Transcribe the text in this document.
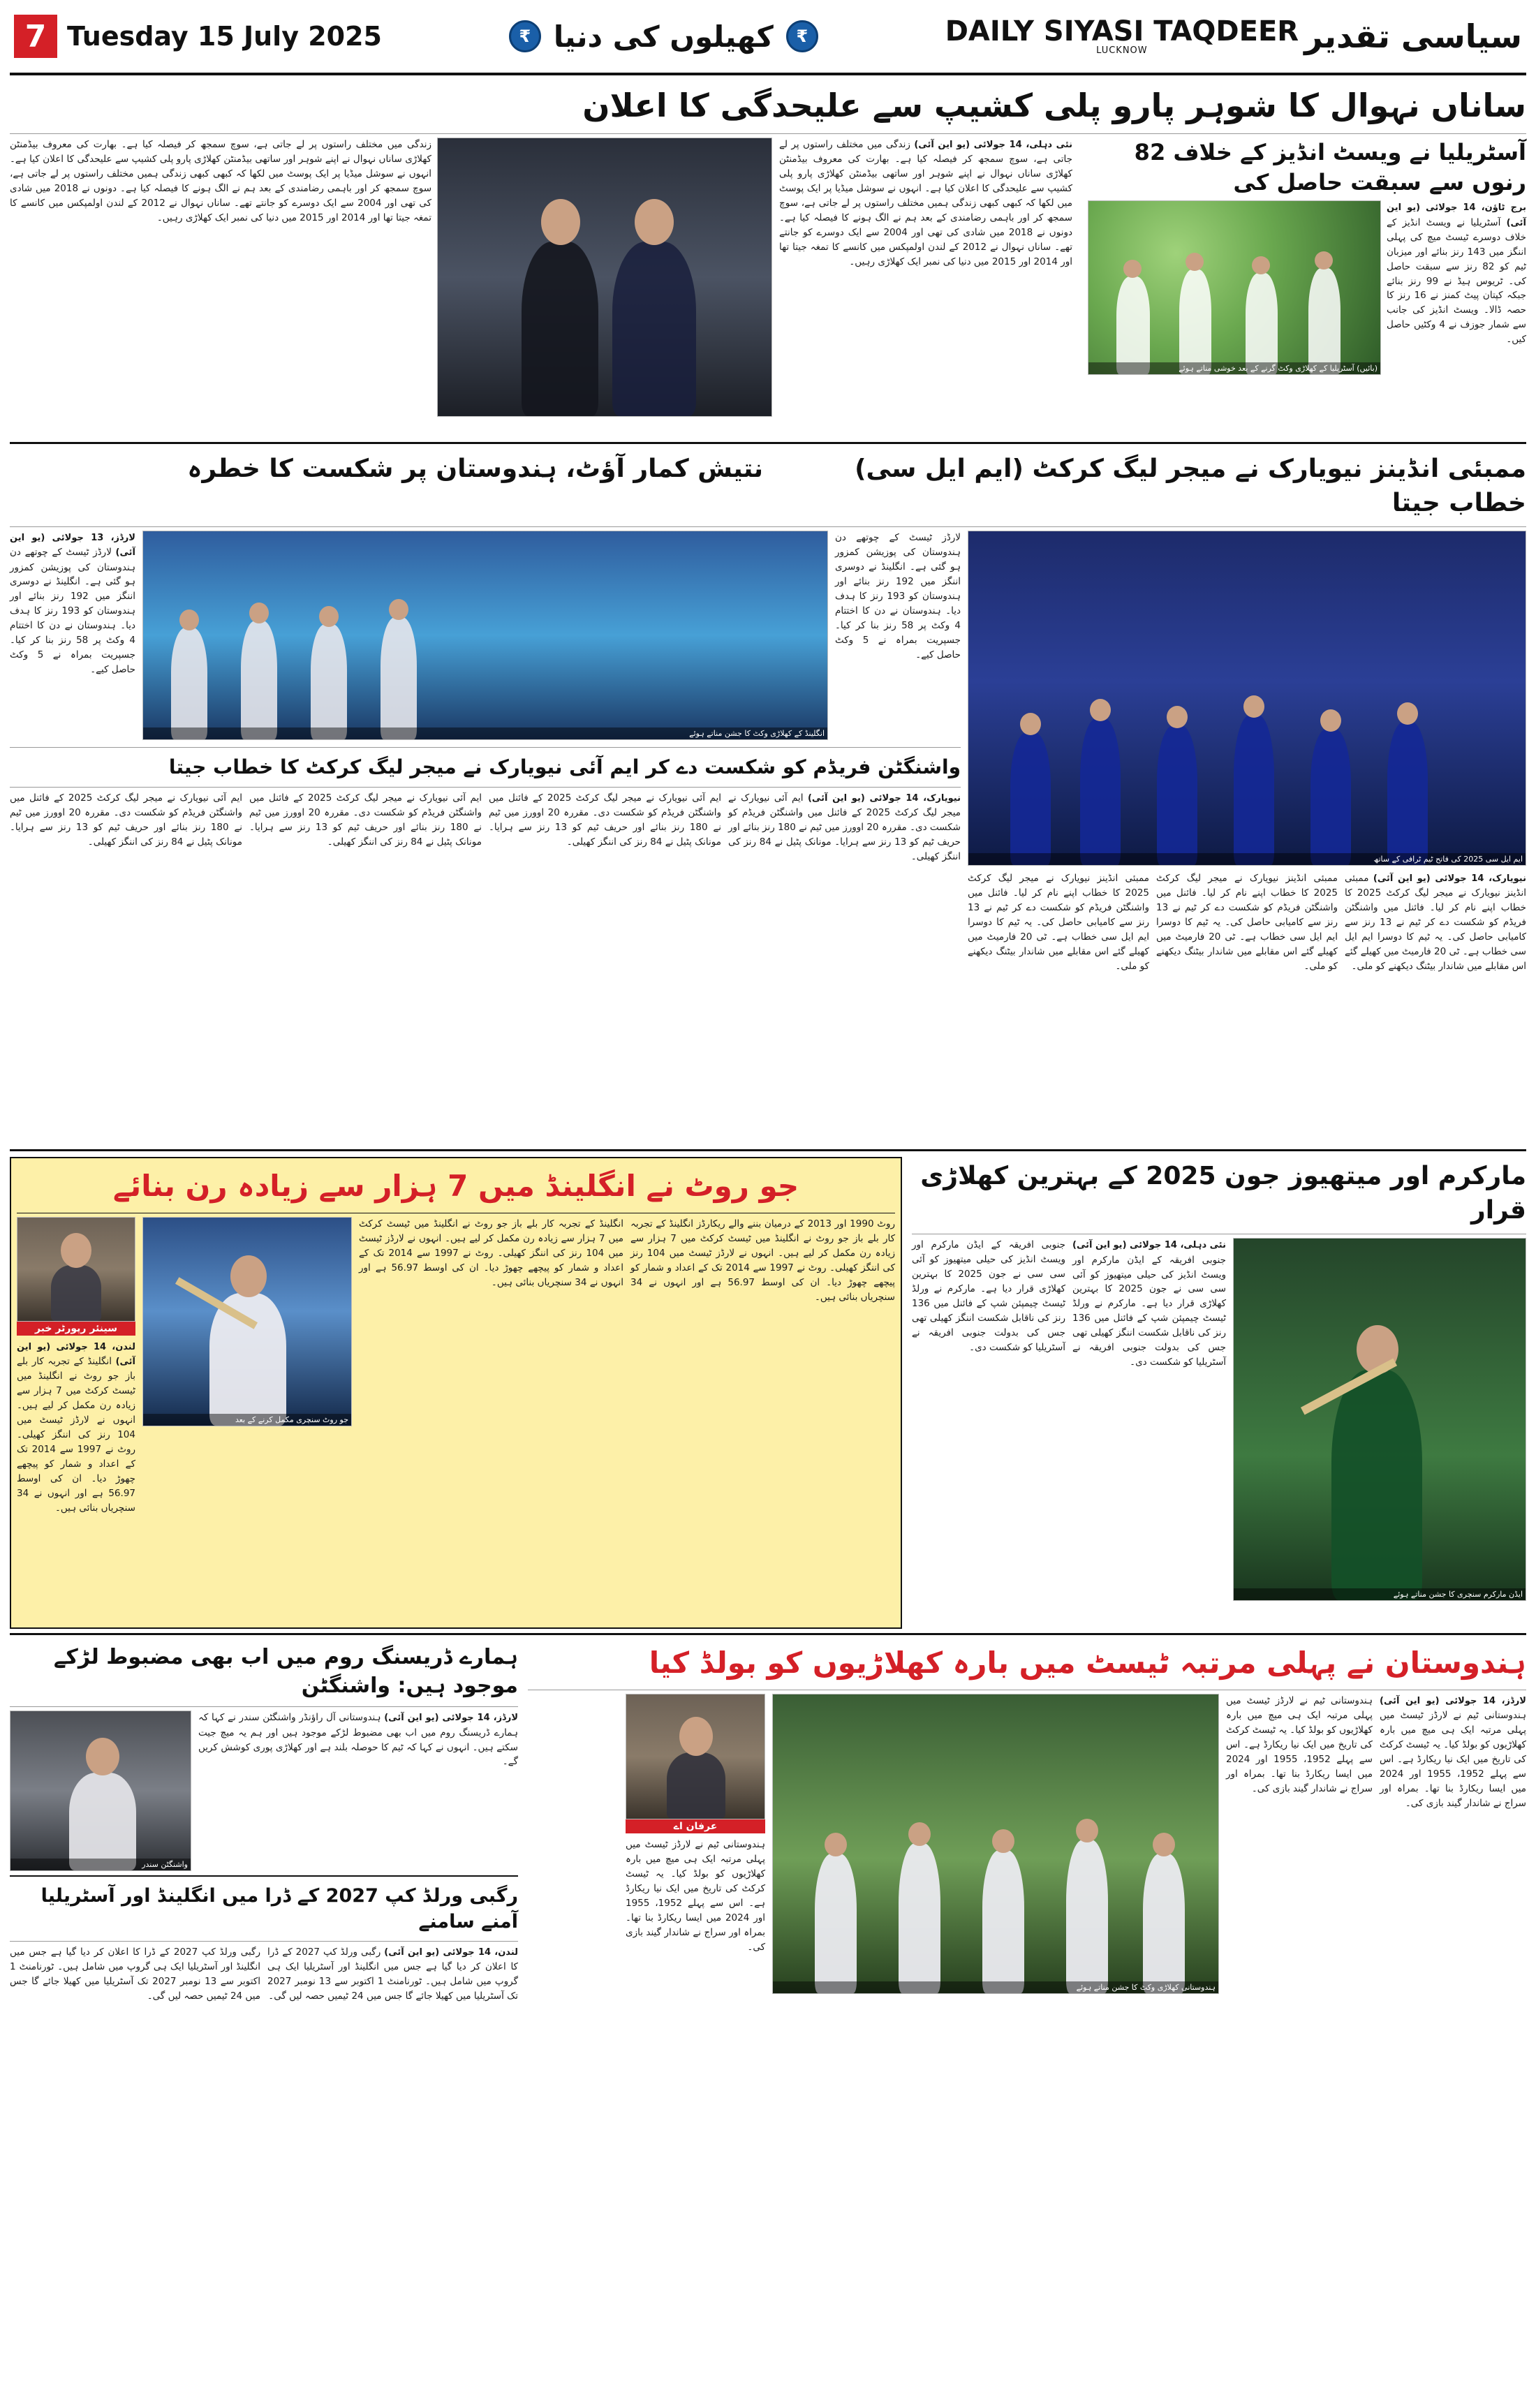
سیاسی تقدیر
DAILY SIYASI TAQDEER
LUCKNOW
₹
کھیلوں کی دنیا
₹
Tuesday 15 July 2025
7
ساناں نہوال کا شوہر پارو پلی کشیپ سے علیحدگی کا اعلان
آسٹریلیا نے ویسٹ انڈیز کے خلاف 82 رنوں سے سبقت حاصل کی
برج ٹاؤن، 14 جولائی (یو این آئی) آسٹریلیا نے ویسٹ انڈیز کے خلاف دوسرے ٹیسٹ میچ کی پہلی اننگز میں 143 رنز بنائے اور میزبان ٹیم کو 82 رنز سے سبقت حاصل کی۔ ٹریوس ہیڈ نے 99 رنز بنائے جبکہ کپتان پیٹ کمنز نے 16 رنز کا حصہ ڈالا۔ ویسٹ انڈیز کی جانب سے شمار جوزف نے 4 وکٹیں حاصل کیں۔
(بائیں) آسٹریلیا کے کھلاڑی وکٹ گرنے کے بعد خوشی مناتے ہوئے
نئی دہلی، 14 جولائی (یو این آئی) زندگی میں مختلف راستوں پر لے جاتی ہے، سوچ سمجھ کر فیصلہ کیا ہے۔ بھارت کی معروف بیڈمنٹن کھلاڑی ساناں نہوال نے اپنے شوہر اور ساتھی بیڈمنٹن کھلاڑی پارو پلی کشیپ سے علیحدگی کا اعلان کیا ہے۔ انہوں نے سوشل میڈیا پر ایک پوسٹ میں لکھا کہ کبھی کبھی زندگی ہمیں مختلف راستوں پر لے جاتی ہے، سوچ سمجھ کر اور باہمی رضامندی کے بعد ہم نے الگ ہونے کا فیصلہ کیا ہے۔ دونوں نے 2018 میں شادی کی تھی اور 2004 سے ایک دوسرے کو جانتے تھے۔ ساناں نہوال نے 2012 کے لندن اولمپکس میں کانسے کا تمغہ جیتا تھا اور 2014 اور 2015 میں دنیا کی نمبر ایک کھلاڑی رہیں۔
زندگی میں مختلف راستوں پر لے جاتی ہے، سوچ سمجھ کر فیصلہ کیا ہے۔ بھارت کی معروف بیڈمنٹن کھلاڑی ساناں نہوال نے اپنے شوہر اور ساتھی بیڈمنٹن کھلاڑی پارو پلی کشیپ سے علیحدگی کا اعلان کیا ہے۔ انہوں نے سوشل میڈیا پر ایک پوسٹ میں لکھا کہ کبھی کبھی زندگی ہمیں مختلف راستوں پر لے جاتی ہے، سوچ سمجھ کر اور باہمی رضامندی کے بعد ہم نے الگ ہونے کا فیصلہ کیا ہے۔ دونوں نے 2018 میں شادی کی تھی اور 2004 سے ایک دوسرے کو جانتے تھے۔ ساناں نہوال نے 2012 کے لندن اولمپکس میں کانسے کا تمغہ جیتا تھا اور 2014 اور 2015 میں دنیا کی نمبر ایک کھلاڑی رہیں۔
ممبئی انڈینز نیویارک نے میجر لیگ کرکٹ (ایم ایل سی) خطاب جیتا
نتیش کمار آؤٹ، ہندوستان پر شکست کا خطرہ
ایم ایل سی 2025 کی فاتح ٹیم ٹرافی کے ساتھ
نیویارک، 14 جولائی (یو این آئی) ممبئی انڈینز نیویارک نے میجر لیگ کرکٹ 2025 کا خطاب اپنے نام کر لیا۔ فائنل میں واشنگٹن فریڈم کو شکست دے کر ٹیم نے 13 رنز سے کامیابی حاصل کی۔ یہ ٹیم کا دوسرا ایم ایل سی خطاب ہے۔ ٹی 20 فارمیٹ میں کھیلے گئے اس مقابلے میں شاندار بیٹنگ دیکھنے کو ملی۔
ممبئی انڈینز نیویارک نے میجر لیگ کرکٹ 2025 کا خطاب اپنے نام کر لیا۔ فائنل میں واشنگٹن فریڈم کو شکست دے کر ٹیم نے 13 رنز سے کامیابی حاصل کی۔ یہ ٹیم کا دوسرا ایم ایل سی خطاب ہے۔ ٹی 20 فارمیٹ میں کھیلے گئے اس مقابلے میں شاندار بیٹنگ دیکھنے کو ملی۔
ممبئی انڈینز نیویارک نے میجر لیگ کرکٹ 2025 کا خطاب اپنے نام کر لیا۔ فائنل میں واشنگٹن فریڈم کو شکست دے کر ٹیم نے 13 رنز سے کامیابی حاصل کی۔ یہ ٹیم کا دوسرا ایم ایل سی خطاب ہے۔ ٹی 20 فارمیٹ میں کھیلے گئے اس مقابلے میں شاندار بیٹنگ دیکھنے کو ملی۔
لارڈز ٹیسٹ کے چوتھے دن ہندوستان کی پوزیشن کمزور ہو گئی ہے۔ انگلینڈ نے دوسری اننگز میں 192 رنز بنائے اور ہندوستان کو 193 رنز کا ہدف دیا۔ ہندوستان نے دن کا اختتام 4 وکٹ پر 58 رنز بنا کر کیا۔ جسپریت بمراہ نے 5 وکٹ حاصل کیے۔
انگلینڈ کے کھلاڑی وکٹ کا جشن مناتے ہوئے
لارڈز، 13 جولائی (یو این آئی) لارڈز ٹیسٹ کے چوتھے دن ہندوستان کی پوزیشن کمزور ہو گئی ہے۔ انگلینڈ نے دوسری اننگز میں 192 رنز بنائے اور ہندوستان کو 193 رنز کا ہدف دیا۔ ہندوستان نے دن کا اختتام 4 وکٹ پر 58 رنز بنا کر کیا۔ جسپریت بمراہ نے 5 وکٹ حاصل کیے۔
واشنگٹن فریڈم کو شکست دے کر ایم آئی نیویارک نے میجر لیگ کرکٹ کا خطاب جیتا
نیویارک، 14 جولائی (یو این آئی) ایم آئی نیویارک نے میجر لیگ کرکٹ 2025 کے فائنل میں واشنگٹن فریڈم کو شکست دی۔ مقررہ 20 اوورز میں ٹیم نے 180 رنز بنائے اور حریف ٹیم کو 13 رنز سے ہرایا۔ مونانک پٹیل نے 84 رنز کی اننگز کھیلی۔
ایم آئی نیویارک نے میجر لیگ کرکٹ 2025 کے فائنل میں واشنگٹن فریڈم کو شکست دی۔ مقررہ 20 اوورز میں ٹیم نے 180 رنز بنائے اور حریف ٹیم کو 13 رنز سے ہرایا۔ مونانک پٹیل نے 84 رنز کی اننگز کھیلی۔
ایم آئی نیویارک نے میجر لیگ کرکٹ 2025 کے فائنل میں واشنگٹن فریڈم کو شکست دی۔ مقررہ 20 اوورز میں ٹیم نے 180 رنز بنائے اور حریف ٹیم کو 13 رنز سے ہرایا۔ مونانک پٹیل نے 84 رنز کی اننگز کھیلی۔
ایم آئی نیویارک نے میجر لیگ کرکٹ 2025 کے فائنل میں واشنگٹن فریڈم کو شکست دی۔ مقررہ 20 اوورز میں ٹیم نے 180 رنز بنائے اور حریف ٹیم کو 13 رنز سے ہرایا۔ مونانک پٹیل نے 84 رنز کی اننگز کھیلی۔
مارکرم اور میتھیوز جون 2025 کے بہترین کھلاڑی قرار
ایڈن مارکرم سنچری کا جشن مناتے ہوئے
نئی دہلی، 14 جولائی (یو این آئی) جنوبی افریقہ کے ایڈن مارکرم اور ویسٹ انڈیز کی حیلی میتھیوز کو آئی سی سی نے جون 2025 کا بہترین کھلاڑی قرار دیا ہے۔ مارکرم نے ورلڈ ٹیسٹ چیمپئن شپ کے فائنل میں 136 رنز کی ناقابل شکست اننگز کھیلی تھی جس کی بدولت جنوبی افریقہ نے آسٹریلیا کو شکست دی۔
جنوبی افریقہ کے ایڈن مارکرم اور ویسٹ انڈیز کی حیلی میتھیوز کو آئی سی سی نے جون 2025 کا بہترین کھلاڑی قرار دیا ہے۔ مارکرم نے ورلڈ ٹیسٹ چیمپئن شپ کے فائنل میں 136 رنز کی ناقابل شکست اننگز کھیلی تھی جس کی بدولت جنوبی افریقہ نے آسٹریلیا کو شکست دی۔
جو روٹ نے انگلینڈ میں 7 ہزار سے زیادہ رن بنائے
روٹ 1990 اور 2013 کے درمیان بننے والے ریکارڈز انگلینڈ کے تجربہ کار بلے باز جو روٹ نے انگلینڈ میں ٹیسٹ کرکٹ میں 7 ہزار سے زیادہ رن مکمل کر لیے ہیں۔ انہوں نے لارڈز ٹیسٹ میں 104 رنز کی اننگز کھیلی۔ روٹ نے 1997 سے 2014 تک کے اعداد و شمار کو پیچھے چھوڑ دیا۔ ان کی اوسط 56.97 ہے اور انہوں نے 34 سنچریاں بنائی ہیں۔
انگلینڈ کے تجربہ کار بلے باز جو روٹ نے انگلینڈ میں ٹیسٹ کرکٹ میں 7 ہزار سے زیادہ رن مکمل کر لیے ہیں۔ انہوں نے لارڈز ٹیسٹ میں 104 رنز کی اننگز کھیلی۔ روٹ نے 1997 سے 2014 تک کے اعداد و شمار کو پیچھے چھوڑ دیا۔ ان کی اوسط 56.97 ہے اور انہوں نے 34 سنچریاں بنائی ہیں۔
جو روٹ سنچری مکمل کرنے کے بعد
سینئر رپورٹر خبر
لندن، 14 جولائی (یو این آئی) انگلینڈ کے تجربہ کار بلے باز جو روٹ نے انگلینڈ میں ٹیسٹ کرکٹ میں 7 ہزار سے زیادہ رن مکمل کر لیے ہیں۔ انہوں نے لارڈز ٹیسٹ میں 104 رنز کی اننگز کھیلی۔ روٹ نے 1997 سے 2014 تک کے اعداد و شمار کو پیچھے چھوڑ دیا۔ ان کی اوسط 56.97 ہے اور انہوں نے 34 سنچریاں بنائی ہیں۔
ہندوستان نے پہلی مرتبہ ٹیسٹ میں بارہ کھلاڑیوں کو بولڈ کیا
لارڈز، 14 جولائی (یو این آئی) ہندوستانی ٹیم نے لارڈز ٹیسٹ میں پہلی مرتبہ ایک ہی میچ میں بارہ کھلاڑیوں کو بولڈ کیا۔ یہ ٹیسٹ کرکٹ کی تاریخ میں ایک نیا ریکارڈ ہے۔ اس سے پہلے 1952، 1955 اور 2024 میں ایسا ریکارڈ بنا تھا۔ بمراہ اور سراج نے شاندار گیند بازی کی۔
ہندوستانی ٹیم نے لارڈز ٹیسٹ میں پہلی مرتبہ ایک ہی میچ میں بارہ کھلاڑیوں کو بولڈ کیا۔ یہ ٹیسٹ کرکٹ کی تاریخ میں ایک نیا ریکارڈ ہے۔ اس سے پہلے 1952، 1955 اور 2024 میں ایسا ریکارڈ بنا تھا۔ بمراہ اور سراج نے شاندار گیند بازی کی۔
ہندوستانی کھلاڑی وکٹ کا جشن مناتے ہوئے
عرفان اے
ہندوستانی ٹیم نے لارڈز ٹیسٹ میں پہلی مرتبہ ایک ہی میچ میں بارہ کھلاڑیوں کو بولڈ کیا۔ یہ ٹیسٹ کرکٹ کی تاریخ میں ایک نیا ریکارڈ ہے۔ اس سے پہلے 1952، 1955 اور 2024 میں ایسا ریکارڈ بنا تھا۔ بمراہ اور سراج نے شاندار گیند بازی کی۔
ہمارے ڈریسنگ روم میں اب بھی مضبوط لڑکے موجود ہیں: واشنگٹن
لارڈز، 14 جولائی (یو این آئی) ہندوستانی آل راؤنڈر واشنگٹن سندر نے کہا کہ ہمارے ڈریسنگ روم میں اب بھی مضبوط لڑکے موجود ہیں اور ہم یہ میچ جیت سکتے ہیں۔ انہوں نے کہا کہ ٹیم کا حوصلہ بلند ہے اور کھلاڑی پوری کوشش کریں گے۔
واشنگٹن سندر
رگبی ورلڈ کپ 2027 کے ڈرا میں انگلینڈ اور آسٹریلیا آمنے سامنے
لندن، 14 جولائی (یو این آئی) رگبی ورلڈ کپ 2027 کے ڈرا کا اعلان کر دیا گیا ہے جس میں انگلینڈ اور آسٹریلیا ایک ہی گروپ میں شامل ہیں۔ ٹورنامنٹ 1 اکتوبر سے 13 نومبر 2027 تک آسٹریلیا میں کھیلا جائے گا جس میں 24 ٹیمیں حصہ لیں گی۔
رگبی ورلڈ کپ 2027 کے ڈرا کا اعلان کر دیا گیا ہے جس میں انگلینڈ اور آسٹریلیا ایک ہی گروپ میں شامل ہیں۔ ٹورنامنٹ 1 اکتوبر سے 13 نومبر 2027 تک آسٹریلیا میں کھیلا جائے گا جس میں 24 ٹیمیں حصہ لیں گی۔
